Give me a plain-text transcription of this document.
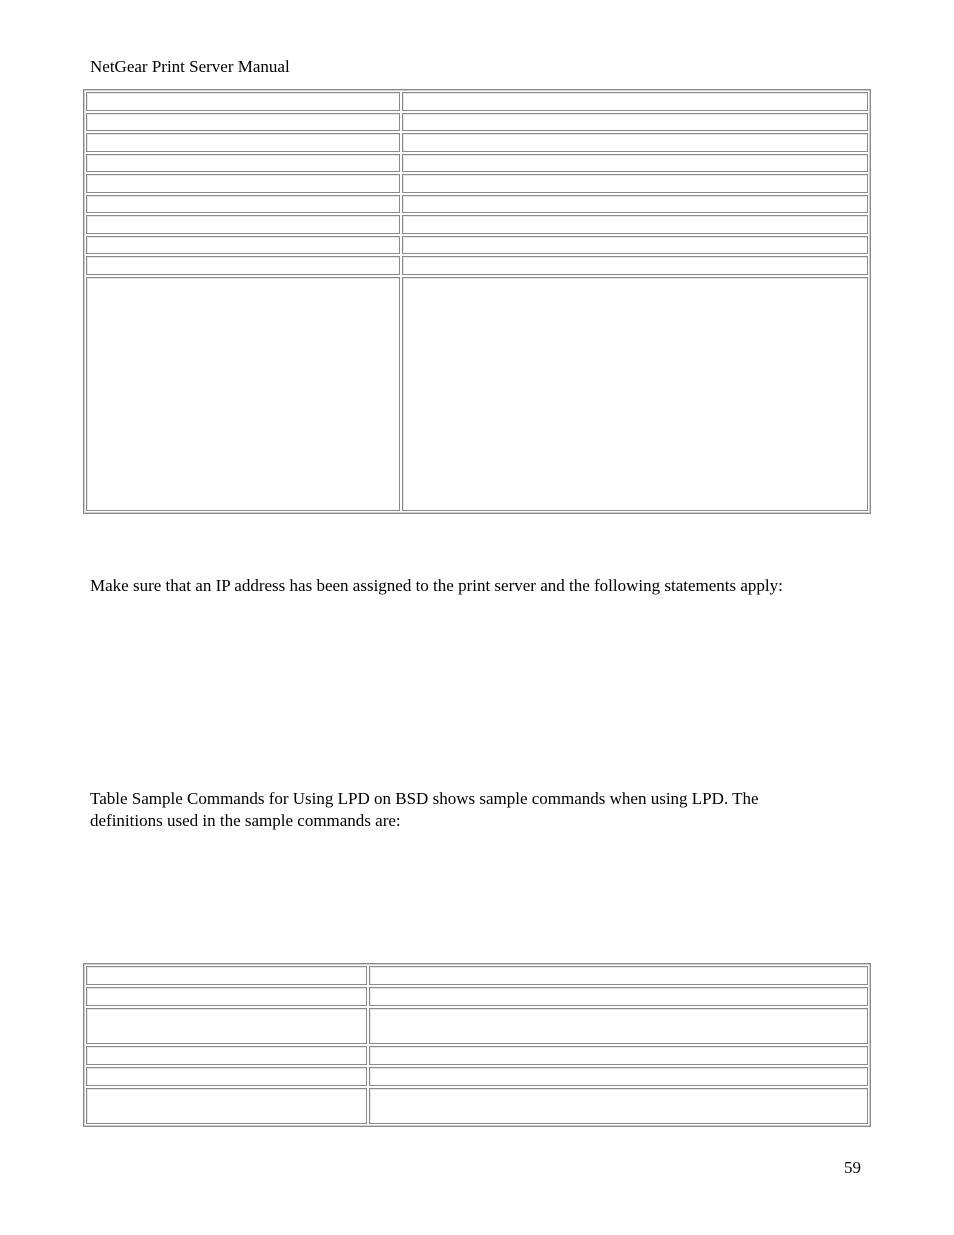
NetGear Print Server Manual

Make sure that an IP address has been assigned to the print server and the following statements apply:
Table Sample Commands for Using LPD on BSD shows sample commands when using LPD. The
definitions used in the sample commands are:

59
